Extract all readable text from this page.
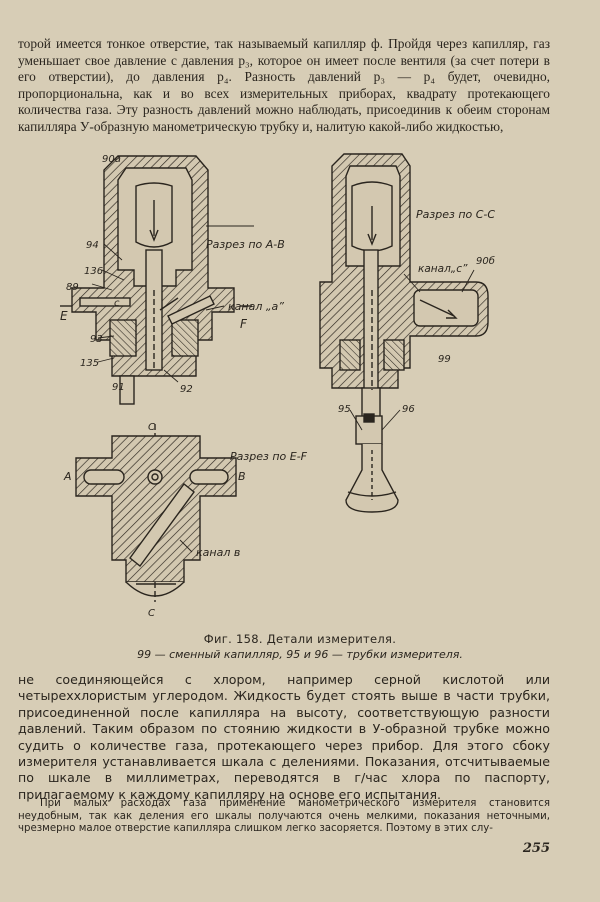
торой имеется тонкое отверстие, так называемый капилляр ф. Пройдя через капилляр, газ уменьшает свое давление с давления p₃, которое он имеет после вентиля (за счет потери в его отверстии), до давления p₄. Разность давлений p₃ — p₄ будет, очевидно, пропорциональна, как и во всех измерительных приборах, квадрату протекающего количества газа. Эту разность давлений можно наблюдать, присоединив к обеим сторонам капилляра У-образную манометрическую трубку и, налитую какой-либо жидкостью,
90а
Разрез по А-В
94
136
89
Е
с	канал „а”
F
93
135
91	92
Разрез по С-С
канал„с”
90б
99
95	96
С
Разрез по Е-F
А	В
канал в
С
Фиг. 158. Детали измерителя.
99 — сменный капилляр, 95 и 96 — трубки измерителя.
не соединяющейся с хлором, например серной кислотой или четыреххлористым углеродом. Жидкость будет стоять выше в части трубки, присоединенной после капилляра на высоту, соответствующую разности давлений. Таким образом по стоянию жидкости в У-образной трубке можно судить о количестве газа, протекающего через прибор. Для этого сбоку измерителя устанавливается шкала с делениями. Показания, отсчитываемые по шкале в миллиметрах, переводятся в г/час хлора по паспорту, прилагаемому к каждому капилляру на основе его испытания.
При малых расходах газа применение манометрического измерителя становится неудобным, так как деления его шкалы получаются очень мелкими, показания неточными, чрезмерно малое отверстие капилляра слишком легко засоряется. Поэтому в этих слу-
255
